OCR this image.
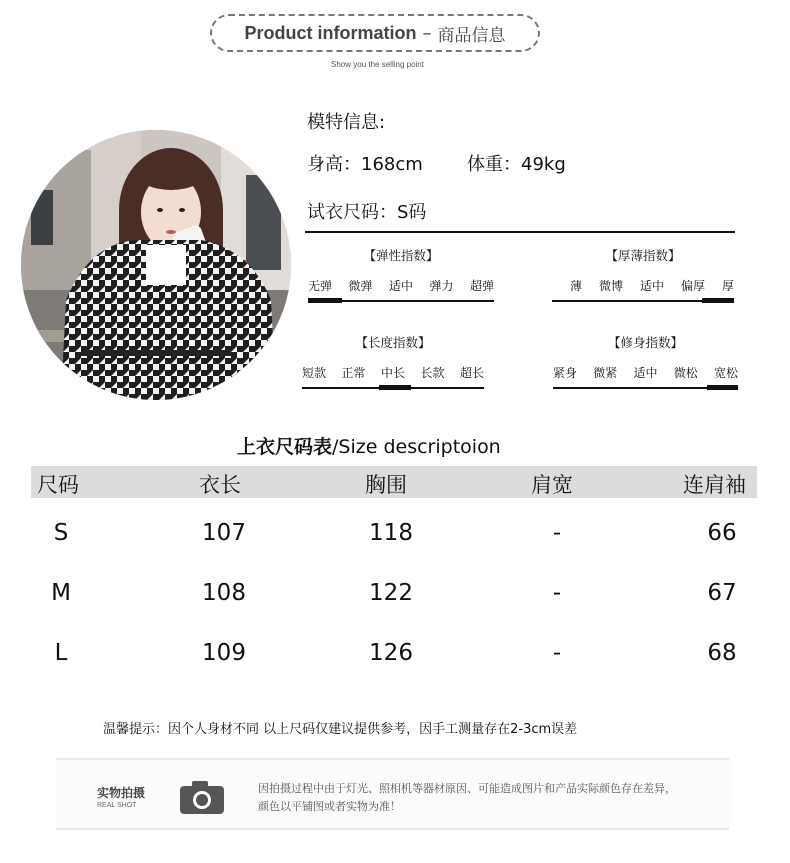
Product information – 商品信息
Show you the selling point
模特信息:
身高：168cm 体重：49kg
试衣尺码：S码
【弹性指数】
无弹 微弹 适中 弹力 超弹
【厚薄指数】
薄 微博 适中 偏厚 厚
【长度指数】
短款 正常 中长 长款 超长
【修身指数】
紧身 微紧 适中 微松 宽松
上衣尺码表/Size descriptoion
尺码	衣长	胸围	肩宽	连肩袖
S	107	118	-	66
M	108	122	-	67
L	109	126	-	68
温馨提示：因个人身材不同 以上尺码仅建议提供参考，因手工测量存在2-3cm误差
实物拍摄
REAL SHOT
因拍摄过程中由于灯光、照相机等器材原因、可能造成图片和产品实际颜色存在差异，
颜色以平铺图或者实物为准！
